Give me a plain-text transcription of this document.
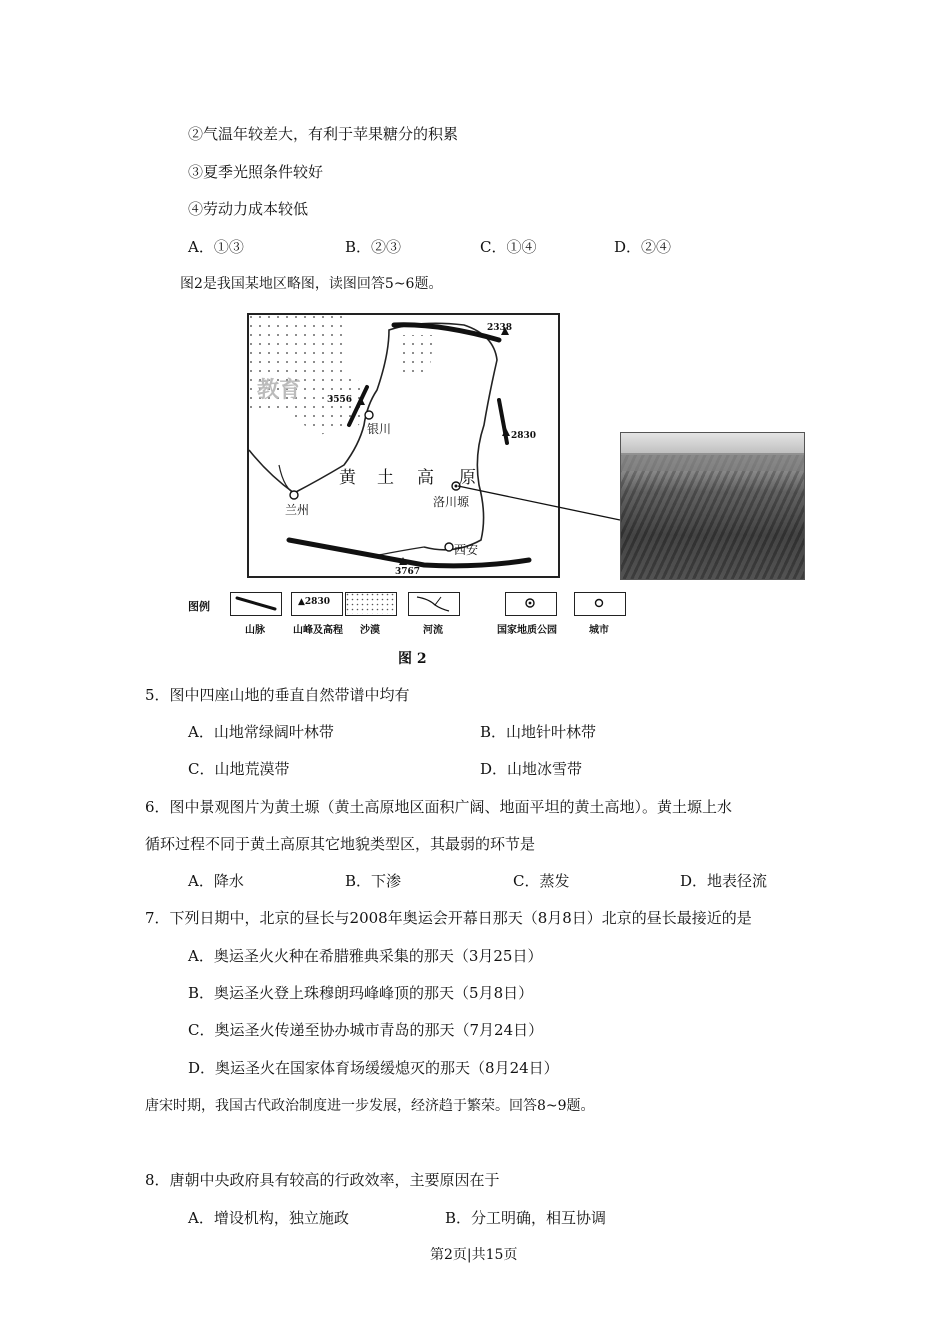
②气温年较差大，有利于苹果糖分的积累
③夏季光照条件较好
④劳动力成本较低
A．①③	B．②③	C．①④	D．②④
图2是我国某地区略图，读图回答5~6题。
教育
2338
3556
2830
3767
银川
兰州
西安
洛川塬
黄 土 高 原
图例	▲2830
山脉	山峰及高程 沙漠	河流	国家地质公园	城市
图 2
5．图中四座山地的垂直自然带谱中均有
A．山地常绿阔叶林带	B．山地针叶林带
C．山地荒漠带	D．山地冰雪带
6．图中景观图片为黄土塬（黄土高原地区面积广阔、地面平坦的黄土高地）。黄土塬上水
循环过程不同于黄土高原其它地貌类型区，其最弱的环节是
A．降水	B．下渗	C．蒸发	D．地表径流
7．下列日期中，北京的昼长与2008年奥运会开幕日那天（8月8日）北京的昼长最接近的是
A．奥运圣火火种在希腊雅典采集的那天（3月25日）
B．奥运圣火登上珠穆朗玛峰峰顶的那天（5月8日）
C．奥运圣火传递至协办城市青岛的那天（7月24日）
D．奥运圣火在国家体育场缓缓熄灭的那天（8月24日）
唐宋时期，我国古代政治制度进一步发展，经济趋于繁荣。回答8~9题。
8．唐朝中央政府具有较高的行政效率，主要原因在于
A．增设机构，独立施政	B．分工明确，相互协调
第2页|共15页
